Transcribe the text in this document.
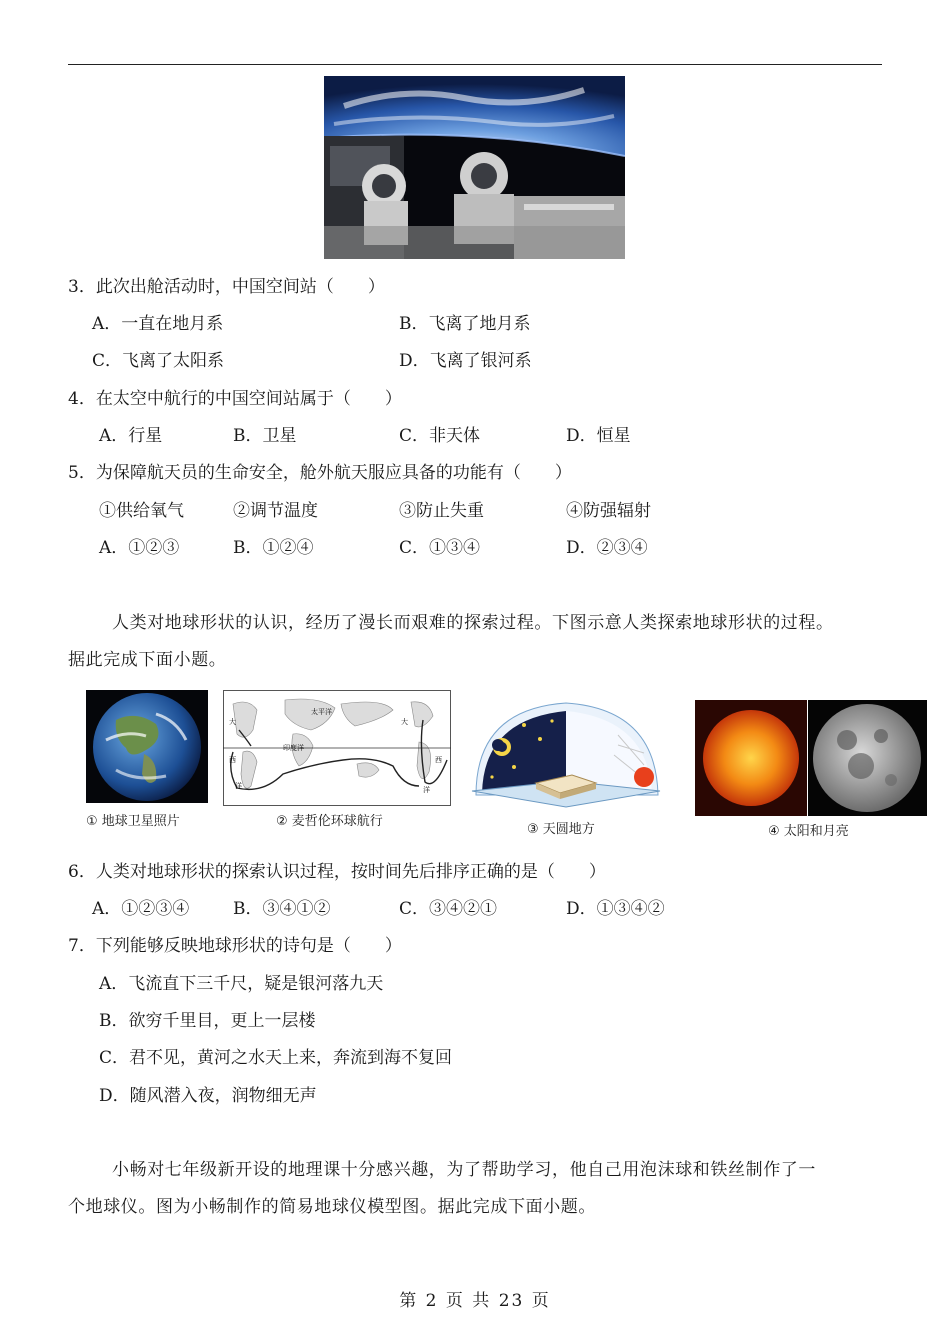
3．此次出舱活动时，中国空间站（　　）
A．一直在地月系	B．飞离了地月系
C．飞离了太阳系	D．飞离了银河系
4．在太空中航行的中国空间站属于（　　）
A．行星	B．卫星	C．非天体	D．恒星
5．为保障航天员的生命安全，舱外航天服应具备的功能有（　　）
①供给氧气	②调节温度	③防止失重	④防强辐射
A．①②③	B．①②④	C．①③④	D．②③④
人类对地球形状的认识，经历了漫长而艰难的探索过程。下图示意人类探索地球形状的过程。
据此完成下面小题。
① 地球卫星照片
太平洋
印度洋
大
西
洋
大
西
洋
② 麦哲伦环球航行
③ 天圆地方	④ 太阳和月亮
6．人类对地球形状的探索认识过程，按时间先后排序正确的是（　　）
A．①②③④	B．③④①②	C．③④②①	D．①③④②
7．下列能够反映地球形状的诗句是（　　）
A．飞流直下三千尺，疑是银河落九天
B．欲穷千里目，更上一层楼
C．君不见，黄河之水天上来，奔流到海不复回
D．随风潜入夜，润物细无声
小畅对七年级新开设的地理课十分感兴趣，为了帮助学习，他自己用泡沫球和铁丝制作了一
个地球仪。图为小畅制作的简易地球仪模型图。据此完成下面小题。
第 2 页 共 23 页
